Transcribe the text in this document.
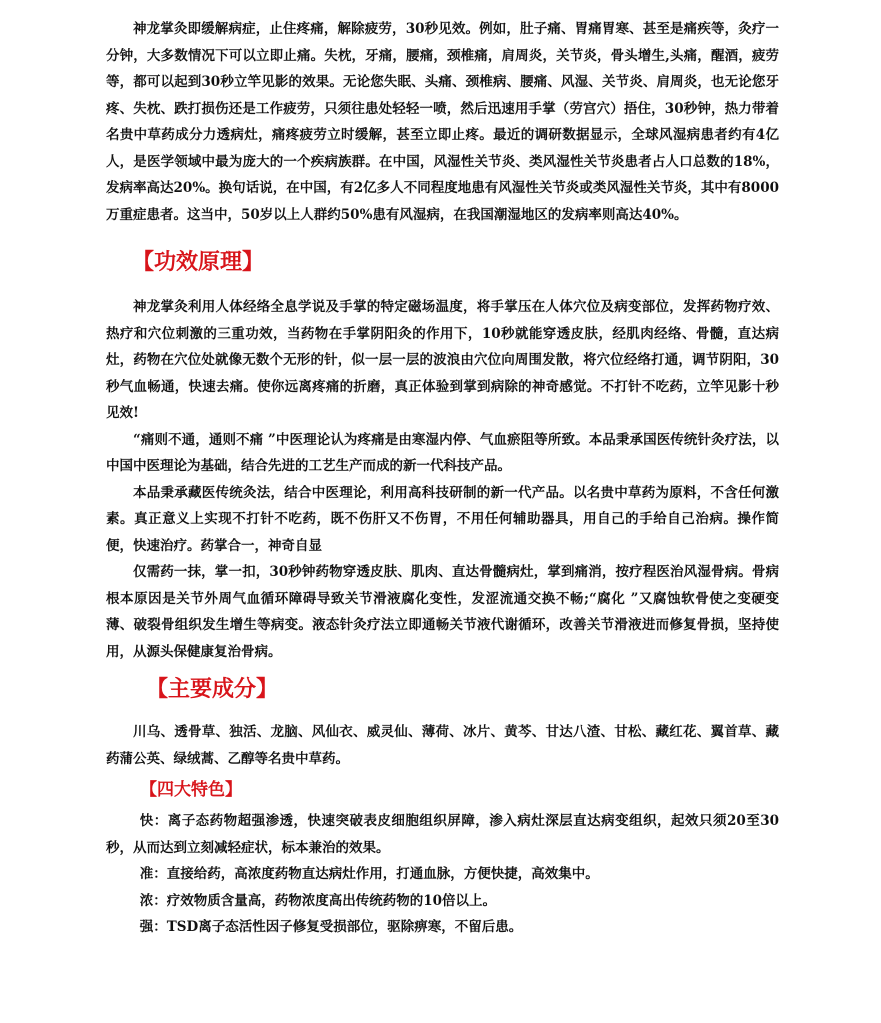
神龙掌灸即缓解病症，止住疼痛，解除疲劳，30秒见效。例如，肚子痛、胃痛胃寒、甚至是痛疾等，灸疗一分钟，大多数情况下可以立即止痛。失枕，牙痛，腰痛，颈椎痛，肩周炎，关节炎，骨头增生,头痛，醒酒，疲劳等，都可以起到30秒立竿见影的效果。无论您失眠、头痛、颈椎病、腰痛、风湿、关节炎、肩周炎，也无论您牙疼、失枕、跌打损伤还是工作疲劳，只须往患处轻轻一喷，然后迅速用手掌（劳宫穴）捂住，30秒钟，热力带着名贵中草药成分力透病灶，痛疼疲劳立时缓解，甚至立即止疼。最近的调研数据显示，全球风湿病患者约有4亿人，是医学领域中最为庞大的一个疾病族群。在中国，风湿性关节炎、类风湿性关节炎患者占人口总数的18%，发病率高达20%。换句话说，在中国，有2亿多人不同程度地患有风湿性关节炎或类风湿性关节炎，其中有8000万重症患者。这当中，50岁以上人群约50%患有风湿病，在我国潮湿地区的发病率则高达40%。

【功效原理】

神龙掌灸利用人体经络全息学说及手掌的特定磁场温度，将手掌压在人体穴位及病变部位，发挥药物疗效、热疗和穴位刺激的三重功效，当药物在手掌阴阳灸的作用下，10秒就能穿透皮肤，经肌肉经络、骨髓，直达病灶，药物在穴位处就像无数个无形的针，似一层一层的波浪由穴位向周围发散，将穴位经络打通，调节阴阳，30秒气血畅通，快速去痛。使你远离疼痛的折磨，真正体验到掌到病除的神奇感觉。不打针不吃药，立竿见影十秒见效!

“痛则不通，通则不痛 ”中医理论认为疼痛是由寒湿内停、气血瘀阻等所致。本品秉承国医传统针灸疗法，以中国中医理论为基础，结合先进的工艺生产而成的新一代科技产品。

本品秉承藏医传统灸法，结合中医理论，利用高科技研制的新一代产品。以名贵中草药为原料，不含任何激素。真正意义上实现不打针不吃药，既不伤肝又不伤胃，不用任何辅助器具，用自己的手给自己治病。操作简便，快速治疗。药掌合一，神奇自显

仅需药一抹，掌一扣，30秒钟药物穿透皮肤、肌肉、直达骨髓病灶，掌到痛消，按疗程医治风湿骨病。骨病根本原因是关节外周气血循环障碍导致关节滑液腐化变性，发涩流通交换不畅;“腐化 ”又腐蚀软骨使之变硬变薄、破裂骨组织发生增生等病变。液态针灸疗法立即通畅关节液代谢循环，改善关节滑液进而修复骨损，坚持使用，从源头保健康复治骨病。

【主要成分】

川乌、透骨草、独活、龙脑、风仙衣、威灵仙、薄荷、冰片、黄芩、甘达八渣、甘松、藏红花、翼首草、藏药蒲公英、绿绒蒿、乙醇等名贵中草药。

【四大特色】

快：离子态药物超强渗透，快速突破表皮细胞组织屏障，渗入病灶深层直达病变组织，起效只须20至30秒，从而达到立刻减轻症状，标本兼治的效果。

准：直接给药，高浓度药物直达病灶作用，打通血脉，方便快捷，高效集中。

浓：疗效物质含量高，药物浓度高出传统药物的10倍以上。

强：TSD离子态活性因子修复受损部位，驱除痹寒，不留后患。
